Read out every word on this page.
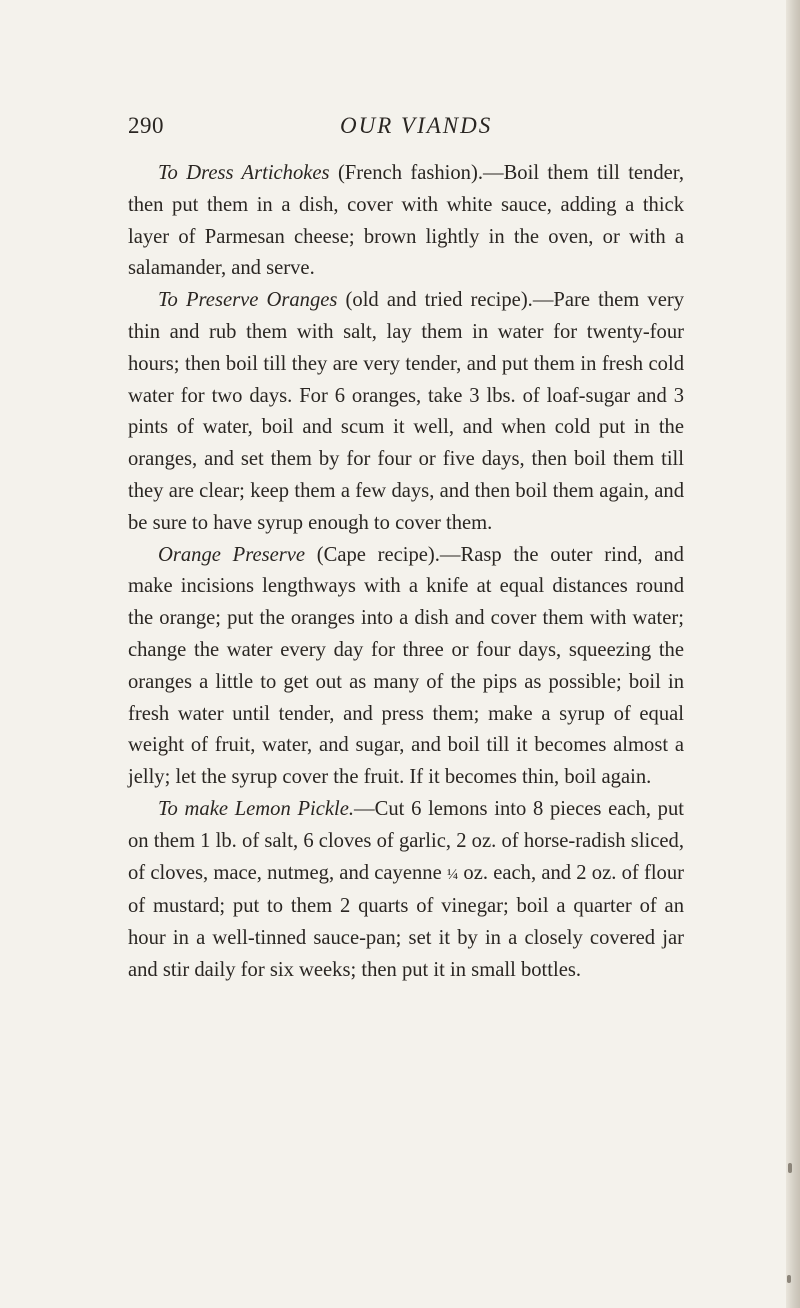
290	OUR VIANDS

To Dress Artichokes (French fashion).—Boil them till tender, then put them in a dish, cover with white sauce, adding a thick layer of Parmesan cheese; brown lightly in the oven, or with a salamander, and serve.

To Preserve Oranges (old and tried recipe).—Pare them very thin and rub them with salt, lay them in water for twenty-four hours; then boil till they are very tender, and put them in fresh cold water for two days. For 6 oranges, take 3 lbs. of loaf-sugar and 3 pints of water, boil and scum it well, and when cold put in the oranges, and set them by for four or five days, then boil them till they are clear; keep them a few days, and then boil them again, and be sure to have syrup enough to cover them.

Orange Preserve (Cape recipe).—Rasp the outer rind, and make incisions lengthways with a knife at equal distances round the orange; put the oranges into a dish and cover them with water; change the water every day for three or four days, squeezing the oranges a little to get out as many of the pips as possible; boil in fresh water until tender, and press them; make a syrup of equal weight of fruit, water, and sugar, and boil till it becomes almost a jelly; let the syrup cover the fruit. If it becomes thin, boil again.

To make Lemon Pickle.—Cut 6 lemons into 8 pieces each, put on them 1 lb. of salt, 6 cloves of garlic, 2 oz. of horse-radish sliced, of cloves, mace, nutmeg, and cayenne ¼ oz. each, and 2 oz. of flour of mustard; put to them 2 quarts of vinegar; boil a quarter of an hour in a well-tinned sauce-pan; set it by in a closely covered jar and stir daily for six weeks; then put it in small bottles.
